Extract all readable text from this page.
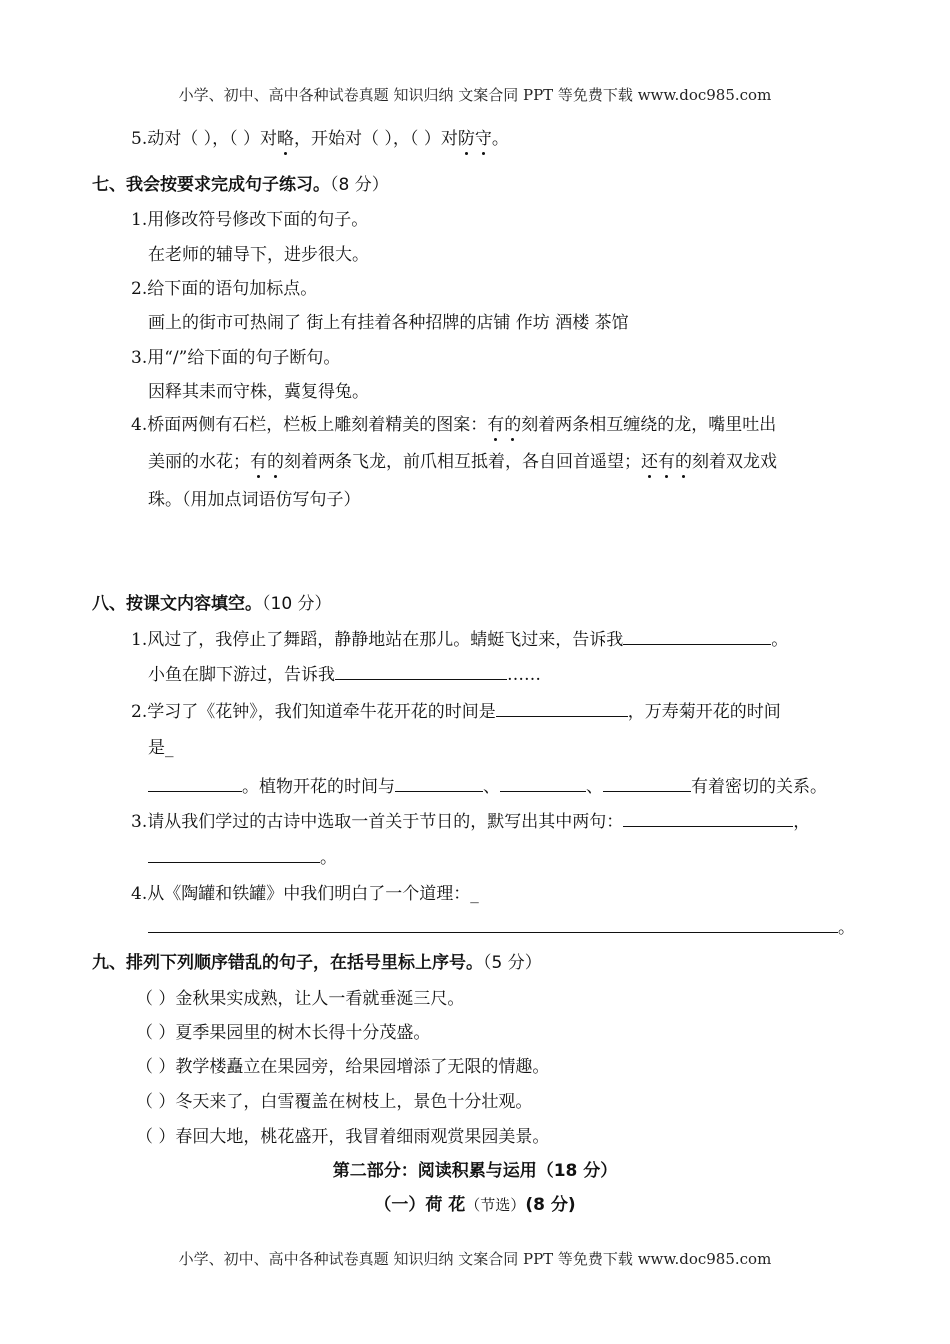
小学、初中、高中各种试卷真题 知识归纳 文案合同 PPT 等免费下载 www.doc985.com
5.动对（ ），（ ）对略，开始对（ ），（ ）对防守。
七、我会按要求完成句子练习。（8 分）
1.用修改符号修改下面的句子。
在老师的辅导下，进步很大。
2.给下面的语句加标点。
画上的街市可热闹了 街上有挂着各种招牌的店铺 作坊 酒楼 茶馆
3.用“/”给下面的句子断句。
因释其耒而守株，冀复得兔。
4.桥面两侧有石栏，栏板上雕刻着精美的图案：有的刻着两条相互缠绕的龙，嘴里吐出
美丽的水花；有的刻着两条飞龙，前爪相互抵着，各自回首遥望；还有的刻着双龙戏
珠。（用加点词语仿写句子）
八、按课文内容填空。（10 分）
1.风过了，我停止了舞蹈，静静地站在那儿。蜻蜓飞过来，告诉我	。
小鱼在脚下游过，告诉我	……
2.学习了《花钟》，我们知道牵牛花开花的时间是	，万寿菊开花的时间
是_
。植物开花的时间与	、	、	有着密切的关系。
3.请从我们学过的古诗中选取一首关于节日的，默写出其中两句：	，
。
4.从《陶罐和铁罐》中我们明白了一个道理：_
。
九、排列下列顺序错乱的句子，在括号里标上序号。（5 分）
（ ）金秋果实成熟，让人一看就垂涎三尺。
（ ）夏季果园里的树木长得十分茂盛。
（ ）教学楼矗立在果园旁，给果园增添了无限的情趣。
（ ）冬天来了，白雪覆盖在树枝上，景色十分壮观。
（ ）春回大地，桃花盛开，我冒着细雨观赏果园美景。
第二部分：阅读积累与运用（18 分）
（一）荷 花（节选）(8 分)
小学、初中、高中各种试卷真题 知识归纳 文案合同 PPT 等免费下载 www.doc985.com
